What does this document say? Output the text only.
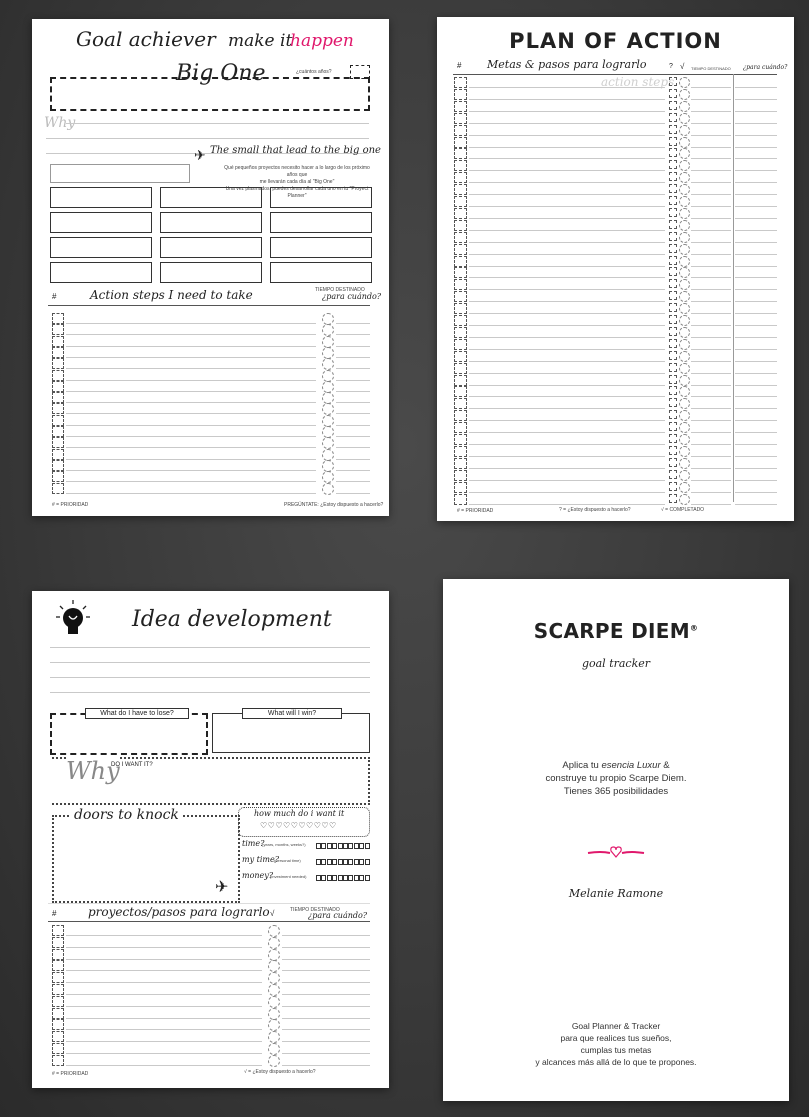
Goal achiever make it
happen
Big One	¿cuántos años?
Why
✈ The small that lead to the big one
Qué pequeños proyectos necesito hacer a lo largo de los próximo años que
me llevarán cada día al "Big One"
Una vez plasmados, puedes desarrollar cada uno en tu "Proyect Planner"
#	Action steps I need to take	TIEMPO DESTINADO
¿para cuándo?
# = PRIORIDAD	PREGÚNTATE: ¿Estoy dispuesto a hacerlo?
PLAN OF ACTION
# Metas & pasos para lograrlo	? √ TIEMPO DESTINADO ¿para cuándo?
action steps
# = PRIORIDAD	? = ¿Estoy dispuesto a hacerlo?	√ = COMPLETADO
Idea development
What do I have to lose?	What will I win?
Why
DO I WANT IT?
doors to knock
✈
how much do i want it
♡♡♡♡♡♡♡♡♡♡
time?
(years, months, weeks?)
my time?
(personal time)
money?
(investment needed)
#	proyectos/pasos para lograrlo √	TIEMPO DESTINADO
¿para cuándo?
# = PRIORIDAD	√ = ¿Estoy dispuesto a hacerlo?
SCARPE DIEM®
goal tracker
Aplica tu esencia Luxur &
construye tu propio Scarpe Diem.
Tienes 365 posibilidades
Melanie Ramone
Goal Planner & Tracker
para que realices tus sueños,
cumplas tus metas
y alcances más allá de lo que te propones.
